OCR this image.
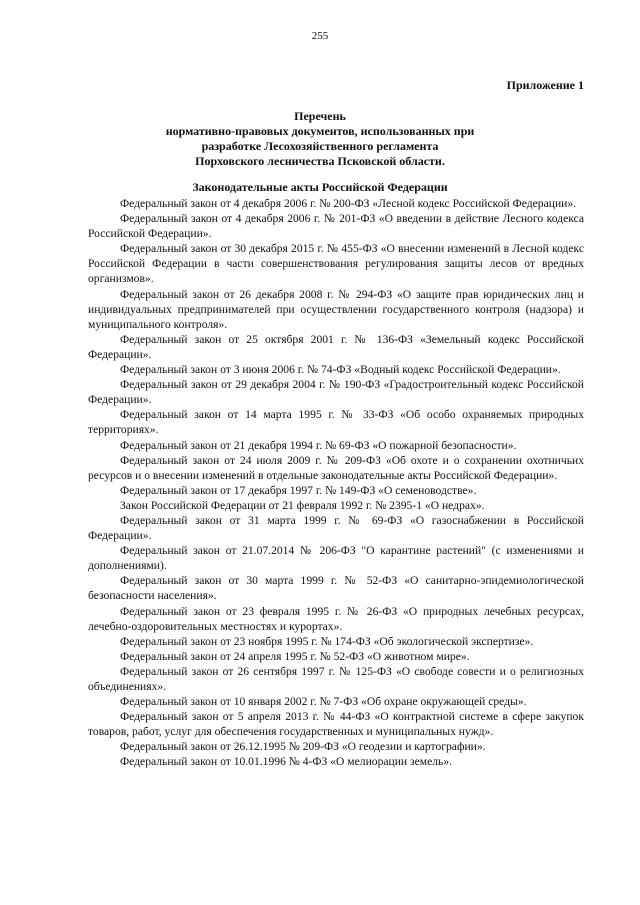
255
Приложение 1
Перечень
нормативно-правовых документов, использованных при
разработке Лесохозяйственного регламента
Порховского лесничества Псковской области.
Законодательные акты Российской Федерации

Федеральный закон от 4 декабря 2006 г. № 200-ФЗ «Лесной кодекс Российской Федерации».

Федеральный закон от 4 декабря 2006 г. № 201-ФЗ «О введении в действие Лесного кодекса Российской Федерации».

Федеральный закон от 30 декабря 2015 г. № 455-ФЗ «О внесении изменений в Лесной кодекс Российской Федерации в части совершенствования регулирования защиты лесов от вредных организмов».

Федеральный закон от 26 декабря 2008 г. № 294-ФЗ «О защите прав юридических лиц и индивидуальных предпринимателей при осуществлении государственного контроля (надзора) и муниципального контроля».

Федеральный закон от 25 октября 2001 г. № 136-ФЗ «Земельный кодекс Российской Федерации».

Федеральный закон от 3 июня 2006 г. № 74-ФЗ «Водный кодекс Российской Федерации».

Федеральный закон от 29 декабря 2004 г. № 190-ФЗ «Градостроительный кодекс Российской Федерации».

Федеральный закон от 14 марта 1995 г. № 33-ФЗ «Об особо охраняемых природных территориях».

Федеральный закон от 21 декабря 1994 г. № 69-ФЗ «О пожарной безопасности».

Федеральный закон от 24 июля 2009 г. № 209-ФЗ «Об охоте и о сохранении охотничьих ресурсов и о внесении изменений в отдельные законодательные акты Российской Федерации».

Федеральный закон от 17 декабря 1997 г. № 149-ФЗ «О семеноводстве».

Закон Российской Федерации от 21 февраля 1992 г. № 2395-1 «О недрах».

Федеральный закон от 31 марта 1999 г. № 69-ФЗ «О газоснабжении в Российской Федерации».

Федеральный закон от 21.07.2014 № 206-ФЗ "О карантине растений" (с изменениями и дополнениями).

Федеральный закон от 30 марта 1999 г. № 52-ФЗ «О санитарно-эпидемиологической безопасности населения».

Федеральный закон от 23 февраля 1995 г. № 26-ФЗ «О природных лечебных ресурсах, лечебно-оздоровительных местностях и курортах».

Федеральный закон от 23 ноября 1995 г. № 174-ФЗ «Об экологической экспертизе».

Федеральный закон от 24 апреля 1995 г. № 52-ФЗ «О животном мире».

Федеральный закон от 26 сентября 1997 г. № 125-ФЗ «О свободе совести и о религиозных объединениях».

Федеральный закон от 10 января 2002 г. № 7-ФЗ «Об охране окружающей среды».

Федеральный закон от 5 апреля 2013 г. № 44-ФЗ «О контрактной системе в сфере закупок товаров, работ, услуг для обеспечения государственных и муниципальных нужд».

Федеральный закон от 26.12.1995 № 209-ФЗ «О геодезии и картографии».

Федеральный закон от 10.01.1996 № 4-ФЗ «О мелиорации земель».
